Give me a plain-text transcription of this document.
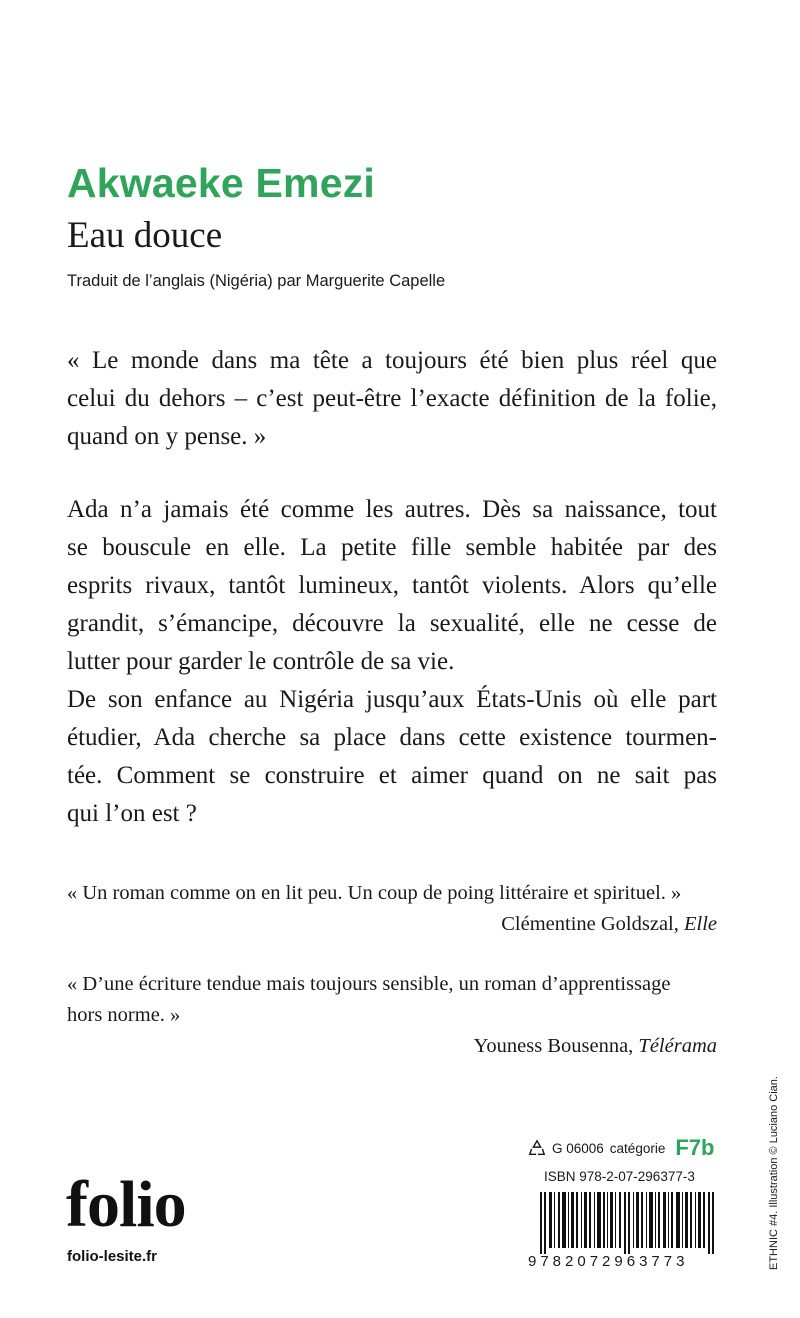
Akwaeke Emezi
Eau douce
Traduit de l’anglais (Nigéria) par Marguerite Capelle
« Le monde dans ma tête a toujours été bien plus réel que
celui du dehors – c’est peut-être l’exacte définition de la folie,
quand on y pense. »
Ada n’a jamais été comme les autres. Dès sa naissance, tout
se bouscule en elle. La petite fille semble habitée par des
esprits rivaux, tantôt lumineux, tantôt violents. Alors qu’elle
grandit, s’émancipe, découvre la sexualité, elle ne cesse de
lutter pour garder le contrôle de sa vie.
De son enfance au Nigéria jusqu’aux États-Unis où elle part
étudier, Ada cherche sa place dans cette existence tourmen-
tée. Comment se construire et aimer quand on ne sait pas
qui l’on est ?
« Un roman comme on en lit peu. Un coup de poing littéraire et spirituel. »
Clémentine Goldszal, Elle
« D’une écriture tendue mais toujours sensible, un roman d’apprentissage
hors norme. »
Youness Bousenna, Télérama
folio
folio-lesite.fr
G 06006 catégorie F7b
ISBN 978-2-07-296377-3
9782072963773	ETHNIC #4. Illustration © Luciano Cian.
